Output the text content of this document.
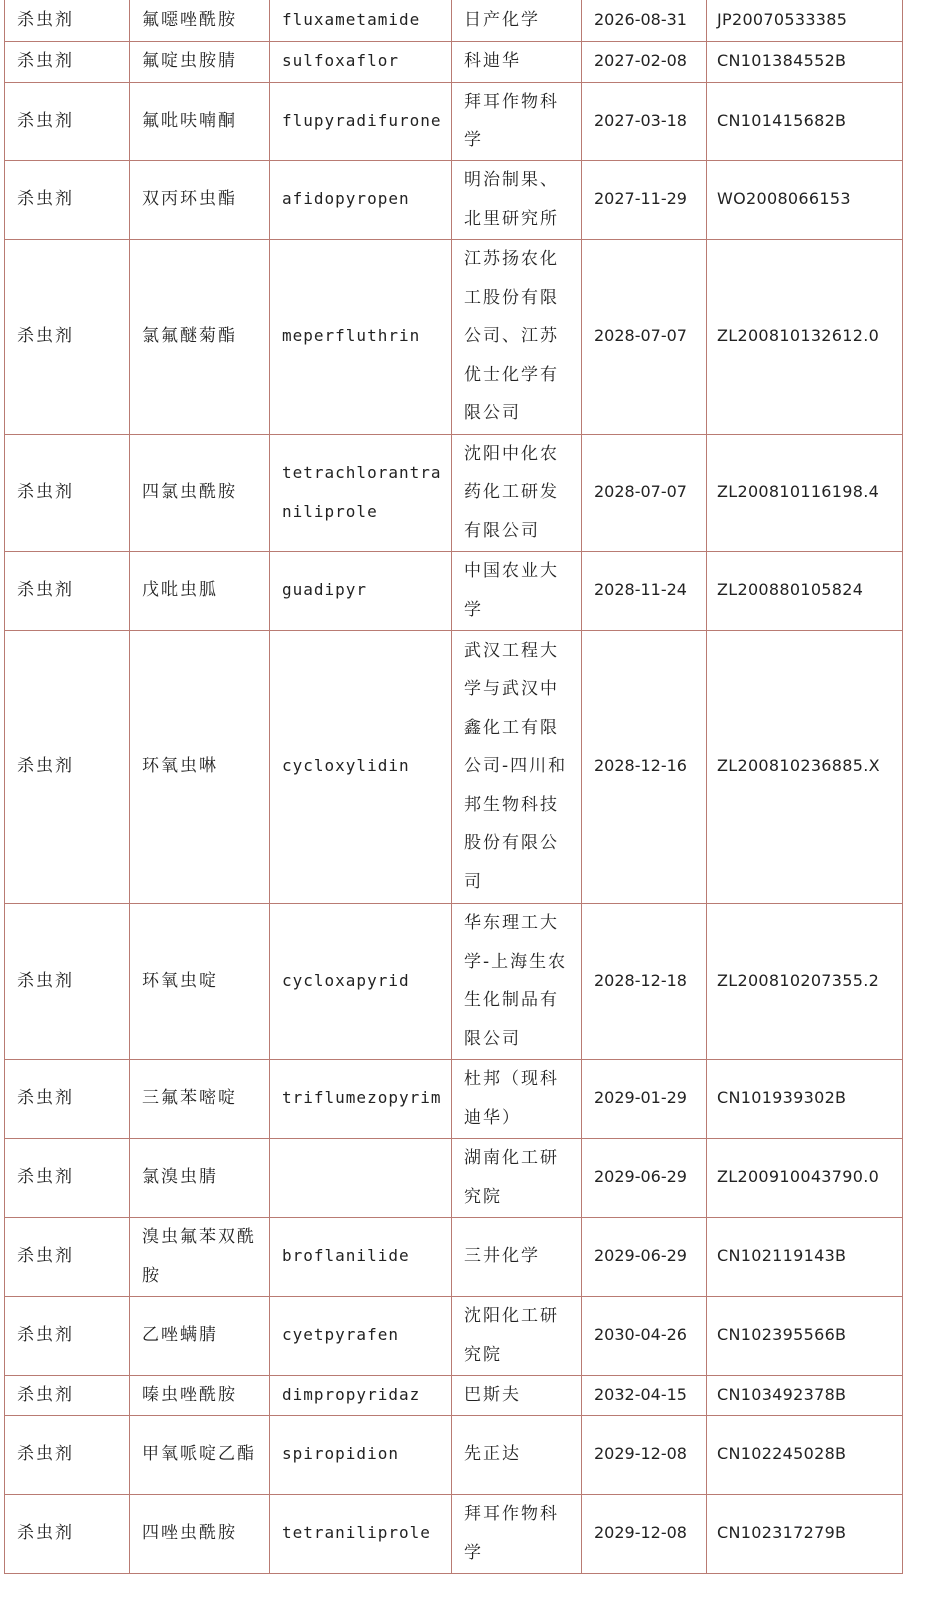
杀虫剂	氟噁唑酰胺	fluxametamide	日产化学	2026-08-31	JP20070533385
杀虫剂	氟啶虫胺腈	sulfoxaflor	科迪华	2027-02-08	CN101384552B
杀虫剂	氟吡呋喃酮	flupyradifurone	拜耳作物科学	2027-03-18	CN101415682B
杀虫剂	双丙环虫酯	afidopyropen	明治制果、北里研究所	2027-11-29	WO2008066153
杀虫剂	氯氟醚菊酯	meperfluthrin	江苏扬农化工股份有限公司、江苏优士化学有限公司	2028-07-07	ZL200810132612.0
杀虫剂	四氯虫酰胺	tetrachlorantraniliprole	沈阳中化农药化工研发有限公司	2028-07-07	ZL200810116198.4
杀虫剂	戊吡虫胍	guadipyr	中国农业大学	2028-11-24	ZL200880105824
杀虫剂	环氧虫啉	cycloxylidin	武汉工程大学与武汉中鑫化工有限公司-四川和邦生物科技股份有限公司	2028-12-16	ZL200810236885.X
杀虫剂	环氧虫啶	cycloxapyrid	华东理工大学-上海生农生化制品有限公司	2028-12-18	ZL200810207355.2
杀虫剂	三氟苯嘧啶	triflumezopyrim	杜邦（现科迪华）	2029-01-29	CN101939302B
杀虫剂	氯溴虫腈		湖南化工研究院	2029-06-29	ZL200910043790.0
杀虫剂	溴虫氟苯双酰胺	broflanilide	三井化学	2029-06-29	CN102119143B
杀虫剂	乙唑螨腈	cyetpyrafen	沈阳化工研究院	2030-04-26	CN102395566B
杀虫剂	嗪虫唑酰胺	dimpropyridaz	巴斯夫	2032-04-15	CN103492378B
杀虫剂	甲氧哌啶乙酯	spiropidion	先正达	2029-12-08	CN102245028B
杀虫剂	四唑虫酰胺	tetraniliprole	拜耳作物科学	2029-12-08	CN102317279B
